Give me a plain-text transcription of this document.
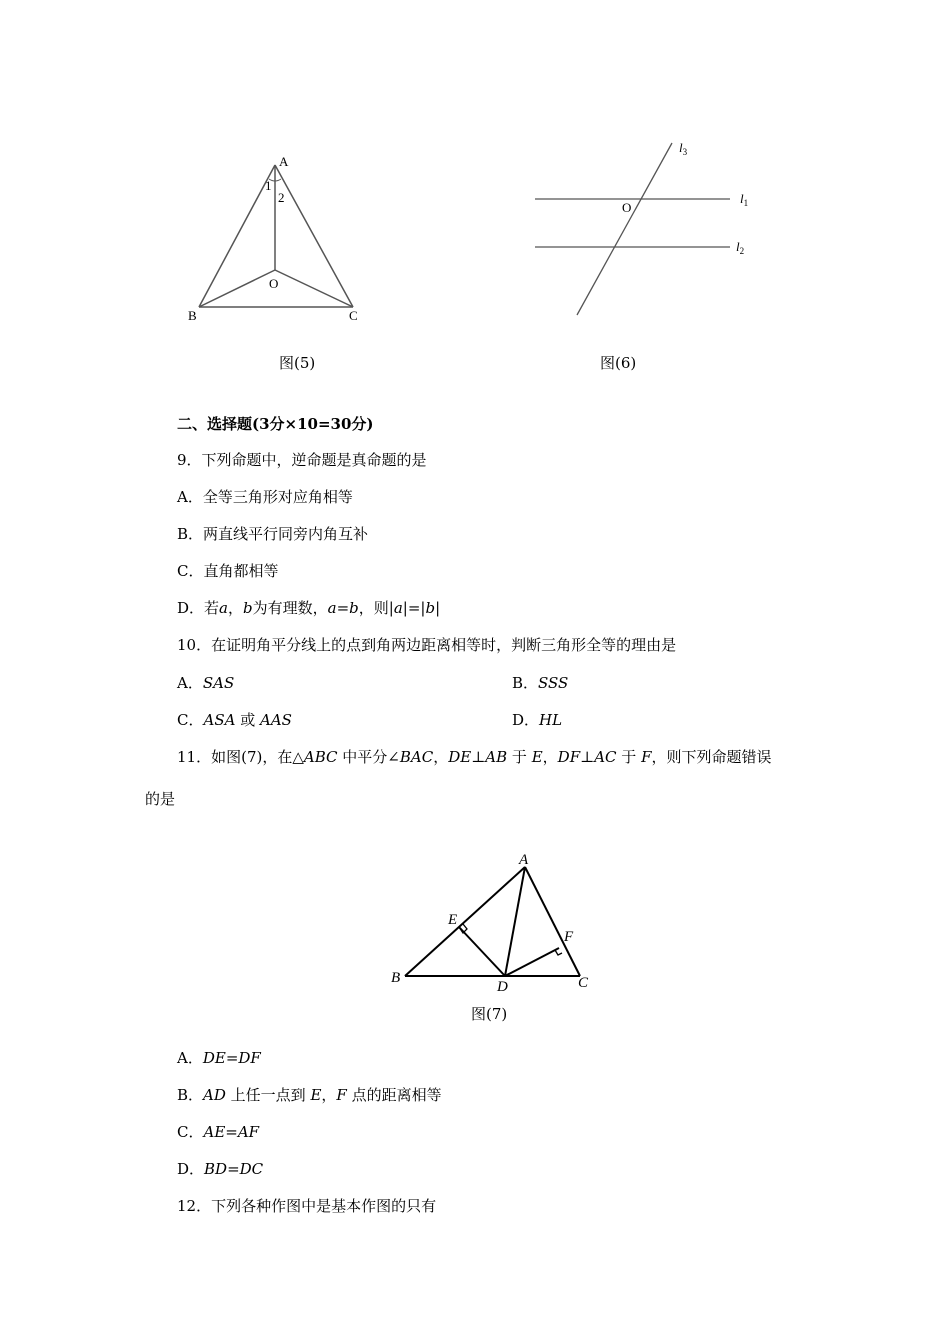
A
1
2
O
B	C
图(5)
$l_3$
O
$l_1$
$l_2$
图(6)
二、选择题(3分×10=30分)
9．下列命题中，逆命题是真命题的是
A．全等三角形对应角相等
B．两直线平行同旁内角互补
C．直角都相等
D．若a，b为有理数，a=b，则|a|=|b|
10．在证明角平分线上的点到角两边距离相等时，判断三角形全等的理由是
A．SAS	B．SSS
C．ASA 或 AAS	D．HL
11．如图(7)，在△ABC 中平分∠BAC，DE⊥AB 于 E，DF⊥AC 于 F，则下列命题错误
的是
A
E
F
B
D	C
图(7)
A．DE=DF
B．AD 上任一点到 E，F 点的距离相等
C．AE=AF
D．BD=DC
12．下列各种作图中是基本作图的只有
